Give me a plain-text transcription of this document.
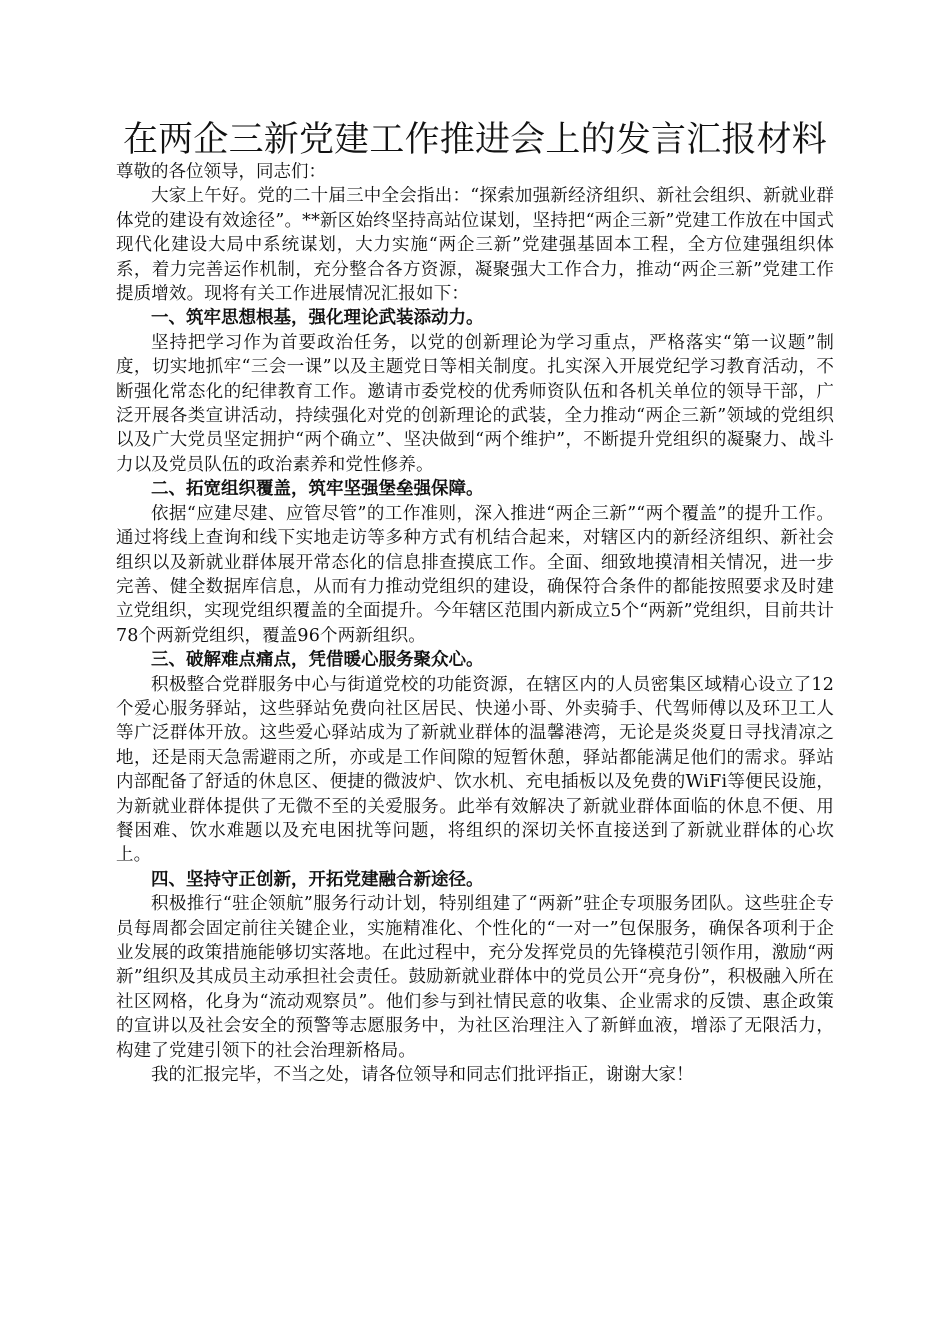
在两企三新党建工作推进会上的发言汇报材料

尊敬的各位领导，同志们：

大家上午好。党的二十届三中全会指出：“探索加强新经济组织、新社会组织、新就业群体党的建设有效途径”。**新区始终坚持高站位谋划，坚持把“两企三新”党建工作放在中国式现代化建设大局中系统谋划，大力实施“两企三新”党建强基固本工程，全方位建强组织体系，着力完善运作机制，充分整合各方资源，凝聚强大工作合力，推动“两企三新”党建工作提质增效。现将有关工作进展情况汇报如下：

一、筑牢思想根基，强化理论武装添动力。

坚持把学习作为首要政治任务，以党的创新理论为学习重点，严格落实“第一议题”制度，切实地抓牢“三会一课”以及主题党日等相关制度。扎实深入开展党纪学习教育活动，不断强化常态化的纪律教育工作。邀请市委党校的优秀师资队伍和各机关单位的领导干部，广泛开展各类宣讲活动，持续强化对党的创新理论的武装，全力推动“两企三新”领域的党组织以及广大党员坚定拥护“两个确立”、坚决做到“两个维护”，不断提升党组织的凝聚力、战斗力以及党员队伍的政治素养和党性修养。

二、拓宽组织覆盖，筑牢坚强堡垒强保障。

依据“应建尽建、应管尽管”的工作准则，深入推进“两企三新”“两个覆盖”的提升工作。通过将线上查询和线下实地走访等多种方式有机结合起来，对辖区内的新经济组织、新社会组织以及新就业群体展开常态化的信息排查摸底工作。全面、细致地摸清相关情况，进一步完善、健全数据库信息，从而有力推动党组织的建设，确保符合条件的都能按照要求及时建立党组织，实现党组织覆盖的全面提升。今年辖区范围内新成立5个“两新”党组织，目前共计78个两新党组织，覆盖96个两新组织。

三、破解难点痛点，凭借暖心服务聚众心。

积极整合党群服务中心与街道党校的功能资源，在辖区内的人员密集区域精心设立了12个爱心服务驿站，这些驿站免费向社区居民、快递小哥、外卖骑手、代驾师傅以及环卫工人等广泛群体开放。这些爱心驿站成为了新就业群体的温馨港湾，无论是炎炎夏日寻找清凉之地，还是雨天急需避雨之所，亦或是工作间隙的短暂休憩，驿站都能满足他们的需求。驿站内部配备了舒适的休息区、便捷的微波炉、饮水机、充电插板以及免费的WiFi等便民设施，为新就业群体提供了无微不至的关爱服务。此举有效解决了新就业群体面临的休息不便、用餐困难、饮水难题以及充电困扰等问题，将组织的深切关怀直接送到了新就业群体的心坎上。

四、坚持守正创新，开拓党建融合新途径。

积极推行“驻企领航”服务行动计划，特别组建了“两新”驻企专项服务团队。这些驻企专员每周都会固定前往关键企业，实施精准化、个性化的“一对一”包保服务，确保各项利于企业发展的政策措施能够切实落地。在此过程中，充分发挥党员的先锋模范引领作用，激励“两新”组织及其成员主动承担社会责任。鼓励新就业群体中的党员公开“亮身份”，积极融入所在社区网格，化身为“流动观察员”。他们参与到社情民意的收集、企业需求的反馈、惠企政策的宣讲以及社会安全的预警等志愿服务中，为社区治理注入了新鲜血液，增添了无限活力，构建了党建引领下的社会治理新格局。

我的汇报完毕，不当之处，请各位领导和同志们批评指正，谢谢大家！
